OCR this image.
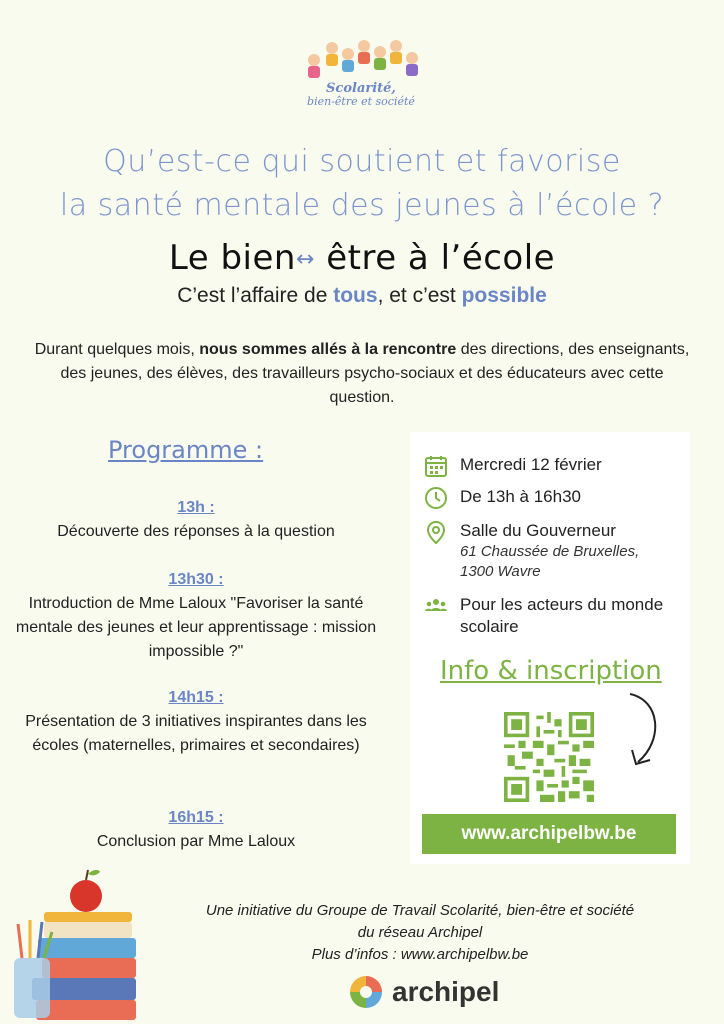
Scolarité,
bien-être et société
Qu’est-ce qui soutient et favorise
la santé mentale des jeunes à l’école ?
Le bien↔ être à l’école
C’est l’affaire de tous, et c’est possible
Durant quelques mois, nous sommes allés à la rencontre des directions, des enseignants, des jeunes, des élèves, des travailleurs psycho-sociaux et des éducateurs avec cette question.
Programme :
13h :
Découverte des réponses à la question
13h30 :
Introduction de Mme Laloux "Favoriser la santé mentale des jeunes et leur apprentissage : mission impossible ?"
14h15 :
Présentation de 3 initiatives inspirantes dans les écoles (maternelles, primaires et secondaires)
16h15 :
Conclusion par Mme Laloux
Mercredi 12 février
De 13h à 16h30
Salle du Gouverneur
61 Chaussée de Bruxelles,
1300 Wavre
Pour les acteurs du monde scolaire
Info & inscription
www.archipelbw.be
Une initiative du Groupe de Travail Scolarité, bien-être et société
du réseau Archipel
Plus d’infos : www.archipelbw.be
archipel
